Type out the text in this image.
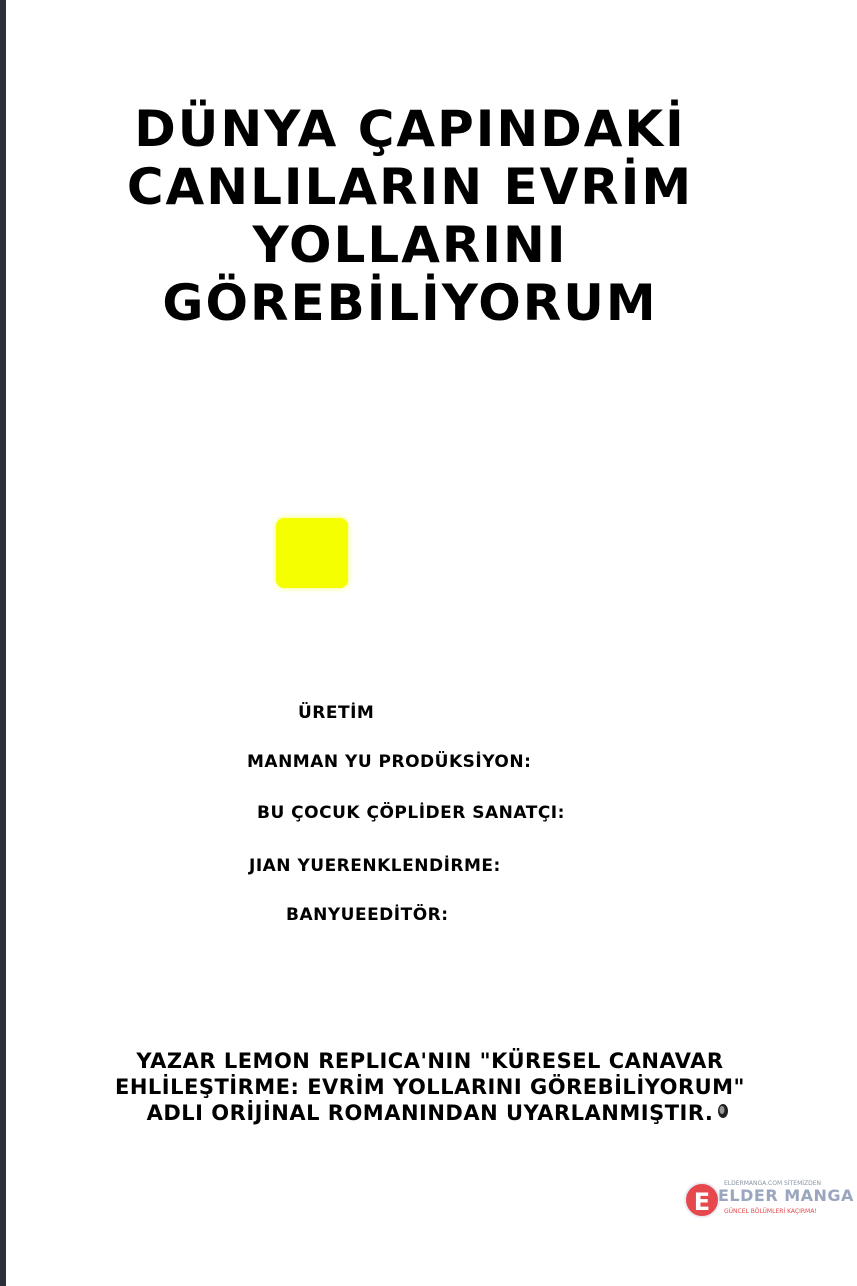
DÜNYA ÇAPINDAKİ
CANLILARIN EVRİM
YOLLARINI
GÖREBİLİYORUM
ÜRETİM
MANMAN YU PRODÜKSİYON:
BU ÇOCUK ÇÖPLİDER SANATÇI:
JIAN YUERENKLENDİRME:
BANYUEEDİTÖR:
YAZAR LEMON REPLICA'NIN "KÜRESEL CANAVAR
EHLİLEŞTİRME: EVRİM YOLLARINI GÖREBİLİYORUM"
ADLI ORİJİNAL ROMANINDAN UYARLANMIŞTIR.
E
ELDERMANGA.COM SİTEMİZDEN
ELDER MANGA
GÜNCEL BÖLÜMLERİ KAÇIRMA!
